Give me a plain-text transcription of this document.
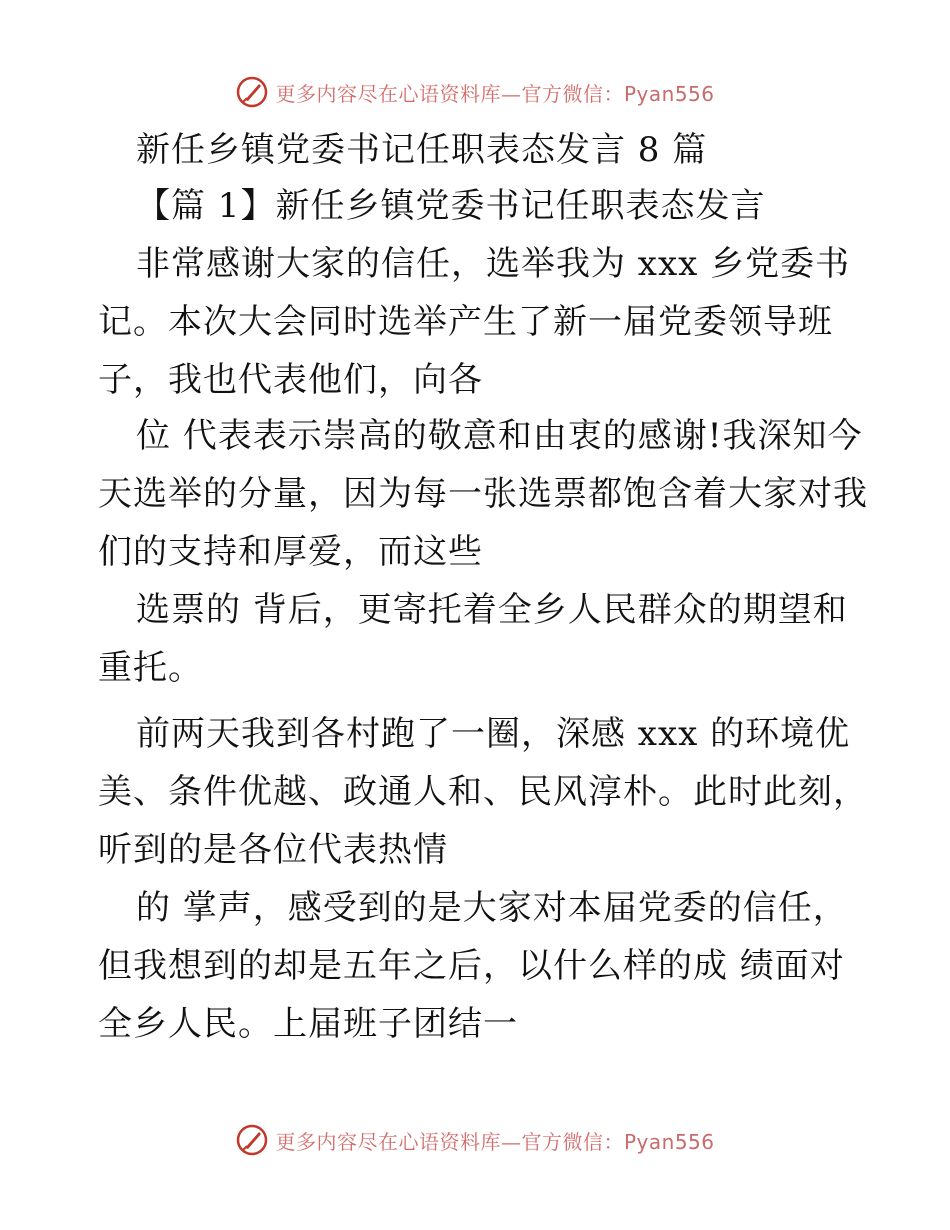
更多内容尽在心语资料库—官方微信：Pyan556
新任乡镇党委书记任职表态发言 8 篇
【篇 1】新任乡镇党委书记任职表态发言
非常感谢大家的信任，选举我为 xxx 乡党委书
记。本次大会同时选举产生了新一届党委领导班
子，我也代表他们，向各
位 代表表示崇高的敬意和由衷的感谢!我深知今
天选举的分量，因为每一张选票都饱含着大家对我
们的支持和厚爱，而这些
选票的 背后，更寄托着全乡人民群众的期望和
重托。
前两天我到各村跑了一圈，深感 xxx 的环境优
美、条件优越、政通人和、民风淳朴。此时此刻，
听到的是各位代表热情
的 掌声，感受到的是大家对本届党委的信任，
但我想到的却是五年之后，以什么样的成 绩面对
全乡人民。上届班子团结一
更多内容尽在心语资料库—官方微信：Pyan556
